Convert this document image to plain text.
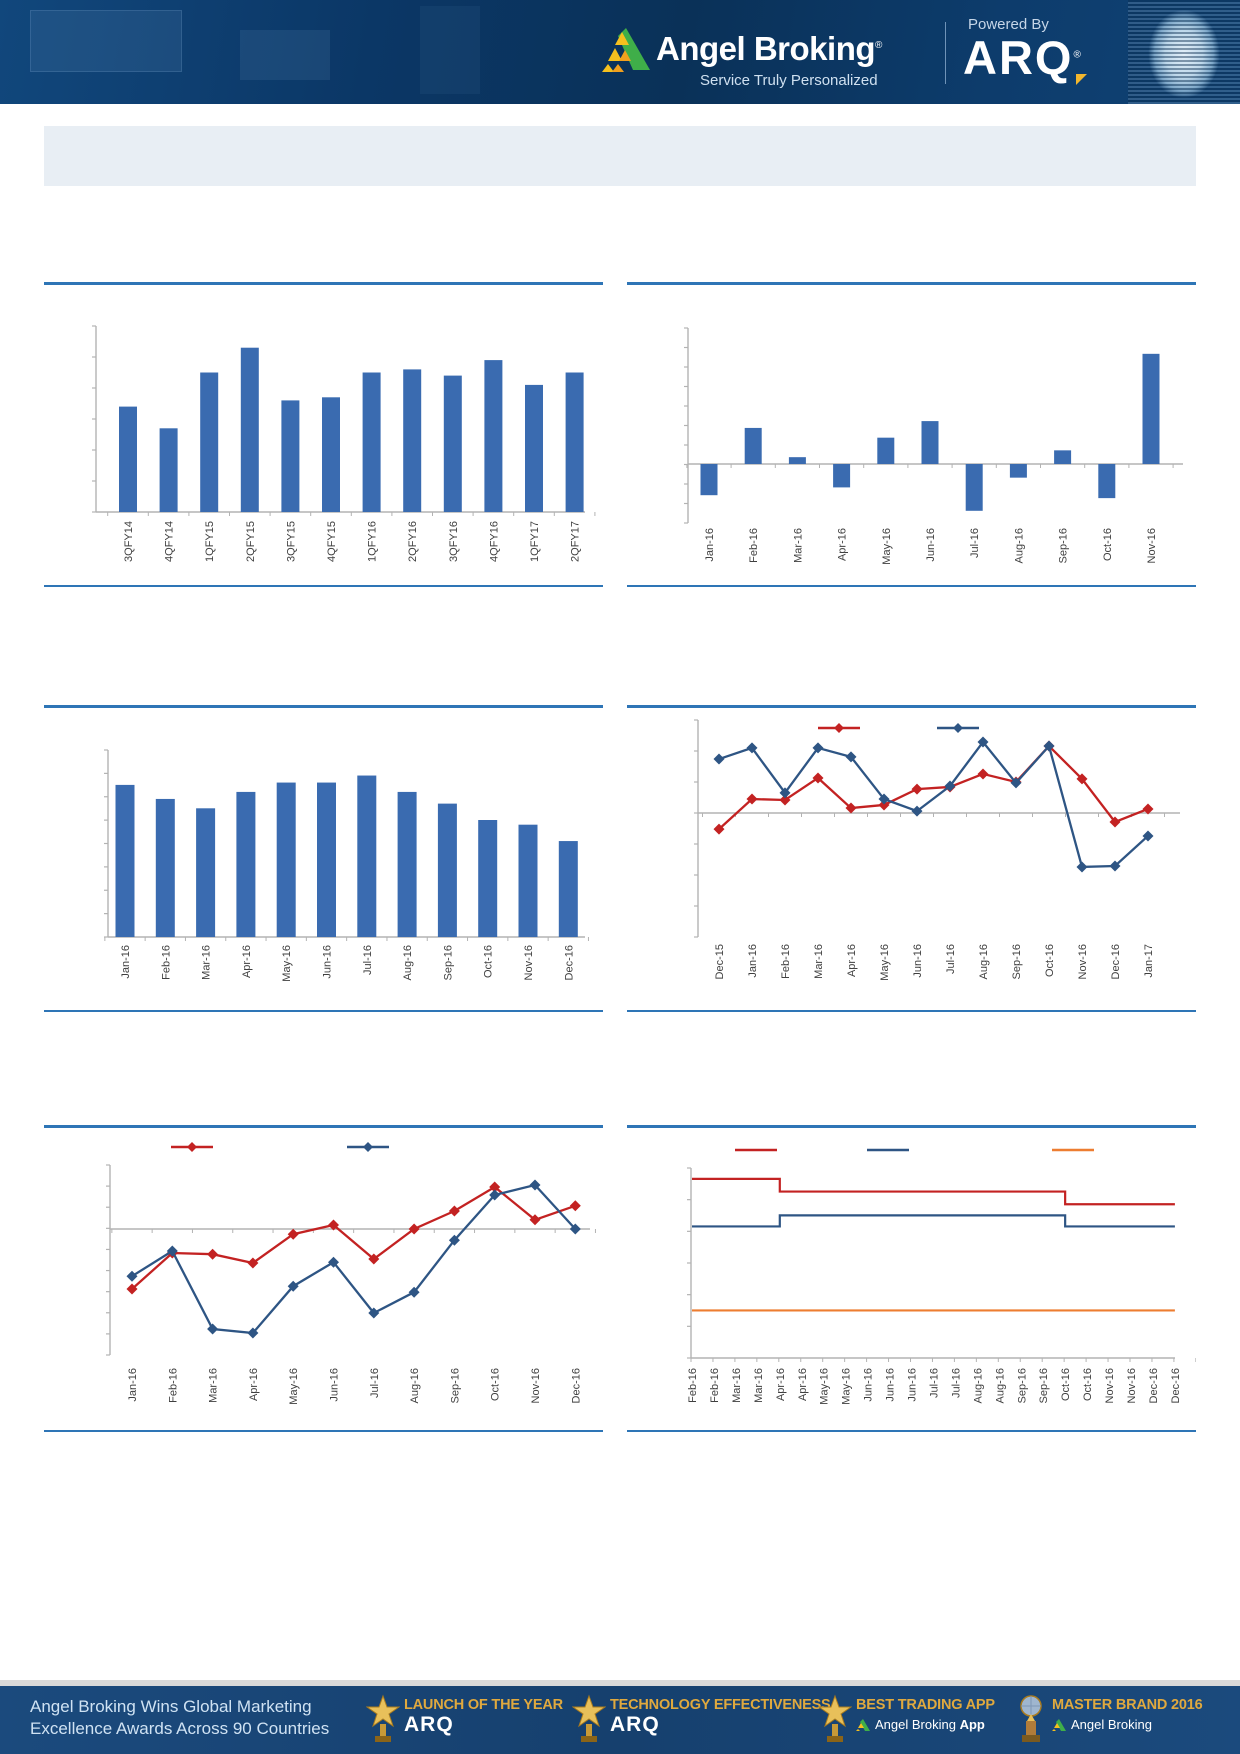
Angel Broking®
Service Truly Personalized
Powered By
ARQ®
3QFY14	4QFY14	1QFY15	2QFY15	3QFY15	4QFY15	1QFY16	2QFY16	3QFY16	4QFY16	1QFY17	2QFY17	Jan-16	Feb-16	Mar-16	Apr-16	May-16	Jun-16	Jul-16	Aug-16	Sep-16	Oct-16	Nov-16
Jan-16	Feb-16	Mar-16	Apr-16	May-16	Jun-16	Jul-16	Aug-16	Sep-16	Oct-16	Nov-16	Dec-16	Dec-15 Jan-16 Feb-16 Mar-16 Apr-16 May-16 Jun-16 Jul-16 Aug-16 Sep-16 Oct-16 Nov-16 Dec-16 Jan-17
Jan-16	Feb-16	Mar-16	Apr-16	May-16	Jun-16	Jul-16	Aug-16	Sep-16	Oct-16	Nov-16	Dec-16	Feb-16 Feb-16 Mar-16 Mar-16 Apr-16 Apr-16 May-16 May-16 Jun-16 Jun-16 Jun-16 Jul-16 Jul-16 Aug-16 Aug-16 Sep-16 Sep-16 Oct-16 Oct-16 Nov-16 Nov-16 Dec-16 Dec-16
Angel Broking Wins Global Marketing
Excellence Awards Across 90 Countries
LAUNCH OF THE YEAR
ARQ
TECHNOLOGY EFFECTIVENESS
ARQ
BEST TRADING APP
Angel Broking App
MASTER BRAND 2016
Angel Broking
